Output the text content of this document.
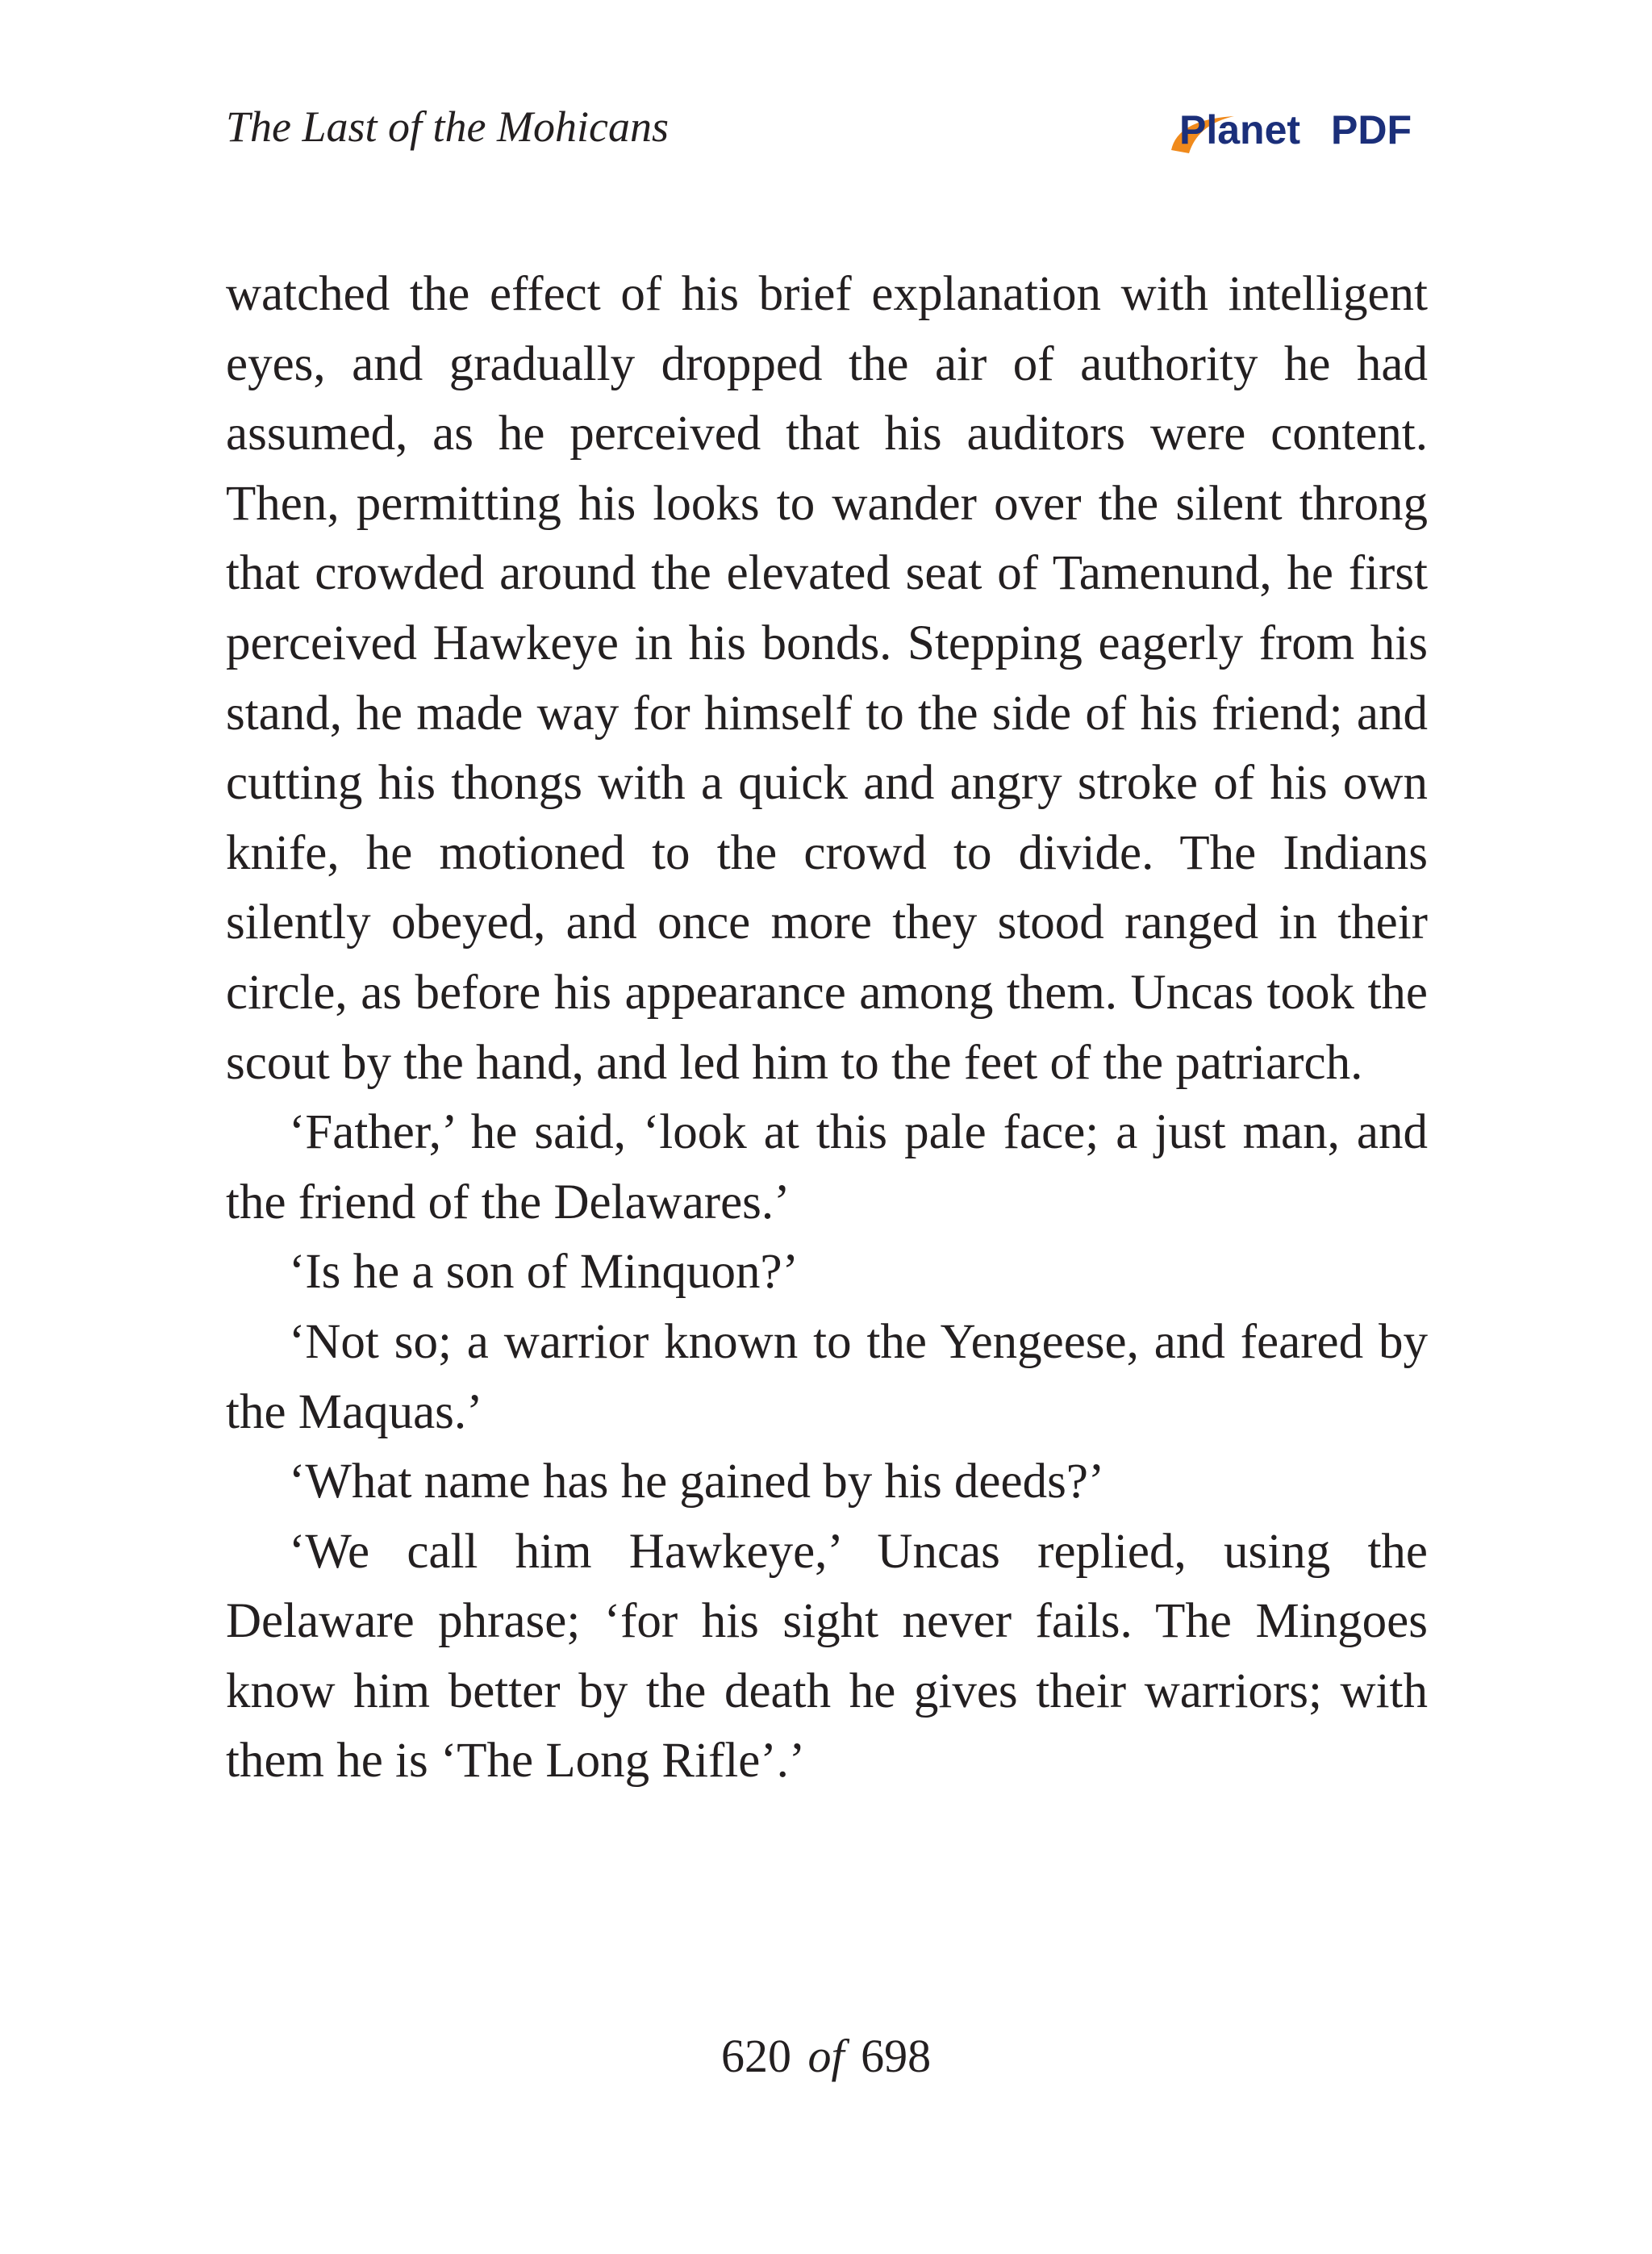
The Last of the Mohicans	Planet PDF

watched the effect of his brief explanation with intelligent eyes, and gradually dropped the air of authority he had assumed, as he perceived that his auditors were content. Then, permitting his looks to wander over the silent throng that crowded around the elevated seat of Tamenund, he first perceived Hawkeye in his bonds. Stepping eagerly from his stand, he made way for himself to the side of his friend; and cutting his thongs with a quick and angry stroke of his own knife, he motioned to the crowd to divide. The Indians silently obeyed, and once more they stood ranged in their circle, as before his appearance among them. Uncas took the scout by the hand, and led him to the feet of the patriarch.

‘Father,’ he said, ‘look at this pale face; a just man, and the friend of the Delawares.’

‘Is he a son of Minquon?’

‘Not so; a warrior known to the Yengeese, and feared by the Maquas.’

‘What name has he gained by his deeds?’

‘We call him Hawkeye,’ Uncas replied, using the Delaware phrase; ‘for his sight never fails. The Mingoes know him better by the death he gives their warriors; with them he is ‘The Long Rifle’.’

620 of 698
